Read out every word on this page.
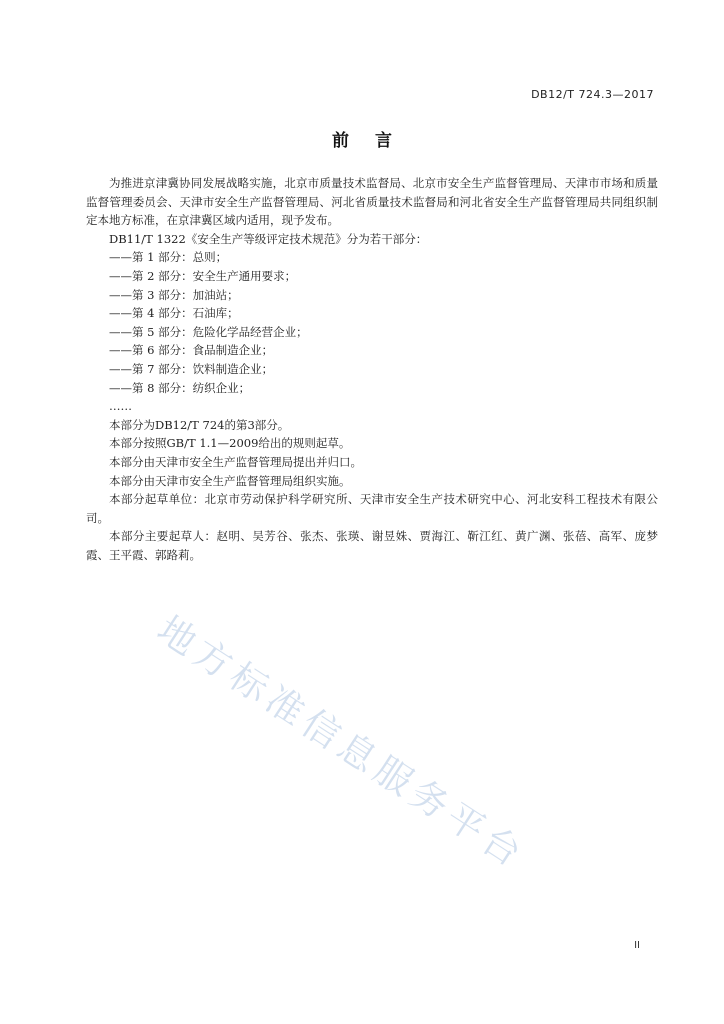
DB12/T 724.3—2017
前言

为推进京津冀协同发展战略实施，北京市质量技术监督局、北京市安全生产监督管理局、天津市市场和质量监督管理委员会、天津市安全生产监督管理局、河北省质量技术监督局和河北省安全生产监督管理局共同组织制定本地方标准，在京津冀区域内适用，现予发布。

DB11/T 1322《安全生产等级评定技术规范》分为若干部分：

——第 1 部分：总则；

——第 2 部分：安全生产通用要求；

——第 3 部分：加油站；

——第 4 部分：石油库；

——第 5 部分：危险化学品经营企业；

——第 6 部分：食品制造企业；

——第 7 部分：饮料制造企业；

——第 8 部分：纺织企业；

……

本部分为DB12/T 724的第3部分。

本部分按照GB/T 1.1—2009给出的规则起草。

本部分由天津市安全生产监督管理局提出并归口。

本部分由天津市安全生产监督管理局组织实施。

本部分起草单位：北京市劳动保护科学研究所、天津市安全生产技术研究中心、河北安科工程技术有限公司。

本部分主要起草人：赵明、吴芳谷、张杰、张瑛、谢昱姝、贾海江、靳江红、黄广渊、张蓓、高军、庞梦霞、王平霞、郭路莉。

地方标准信息服务平台
II
